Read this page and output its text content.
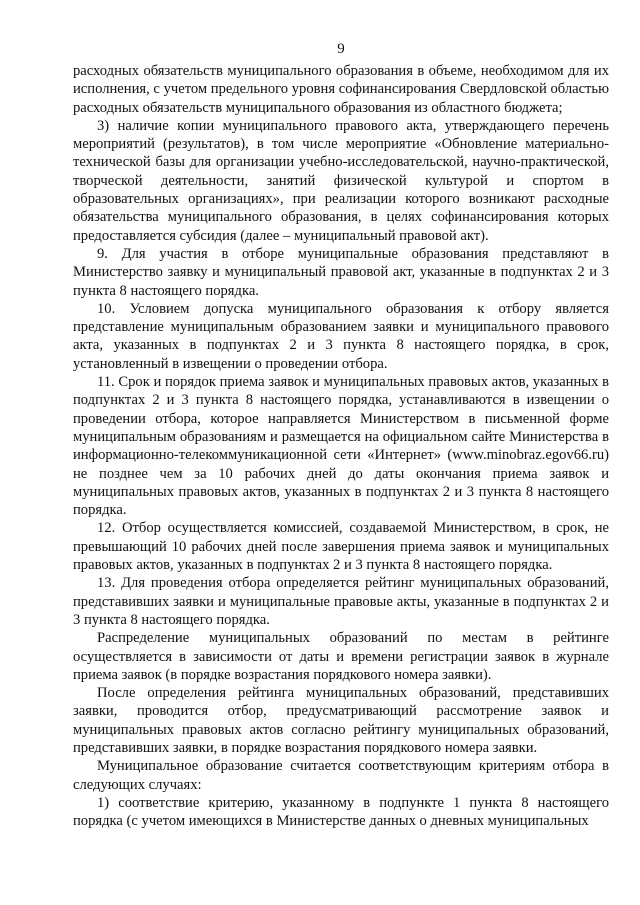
9

расходных обязательств муниципального образования в объеме, необходимом для их исполнения, с учетом предельного уровня софинансирования Свердловской областью расходных обязательств муниципального образования из областного бюджета;

3) наличие копии муниципального правового акта, утверждающего перечень мероприятий (результатов), в том числе мероприятие «Обновление материально-технической базы для организации учебно-исследовательской, научно-практической, творческой деятельности, занятий физической культурой и спортом в образовательных организациях», при реализации которого возникают расходные обязательства муниципального образования, в целях софинансирования которых предоставляется субсидия (далее – муниципальный правовой акт).

9. Для участия в отборе муниципальные образования представляют в Министерство заявку и муниципальный правовой акт, указанные в подпунктах 2 и 3 пункта 8 настоящего порядка.

10. Условием допуска муниципального образования к отбору является представление муниципальным образованием заявки и муниципального правового акта, указанных в подпунктах 2 и 3 пункта 8 настоящего порядка, в срок, установленный в извещении о проведении отбора.

11. Срок и порядок приема заявок и муниципальных правовых актов, указанных в подпунктах 2 и 3 пункта 8 настоящего порядка, устанавливаются в извещении о проведении отбора, которое направляется Министерством в письменной форме муниципальным образованиям и размещается на официальном сайте Министерства в информационно-телекоммуникационной сети «Интернет» (www.minobraz.egov66.ru) не позднее чем за 10 рабочих дней до даты окончания приема заявок и муниципальных правовых актов, указанных в подпунктах 2 и 3 пункта 8 настоящего порядка.

12. Отбор осуществляется комиссией, создаваемой Министерством, в срок, не превышающий 10 рабочих дней после завершения приема заявок и муниципальных правовых актов, указанных в подпунктах 2 и 3 пункта 8 настоящего порядка.

13. Для проведения отбора определяется рейтинг муниципальных образований, представивших заявки и муниципальные правовые акты, указанные в подпунктах 2 и 3 пункта 8 настоящего порядка.

Распределение муниципальных образований по местам в рейтинге осуществляется в зависимости от даты и времени регистрации заявок в журнале приема заявок (в порядке возрастания порядкового номера заявки).

После определения рейтинга муниципальных образований, представивших заявки, проводится отбор, предусматривающий рассмотрение заявок и муниципальных правовых актов согласно рейтингу муниципальных образований, представивших заявки, в порядке возрастания порядкового номера заявки.

Муниципальное образование считается соответствующим критериям отбора в следующих случаях:

1) соответствие критерию, указанному в подпункте 1 пункта 8 настоящего порядка (с учетом имеющихся в Министерстве данных о дневных муниципальных
